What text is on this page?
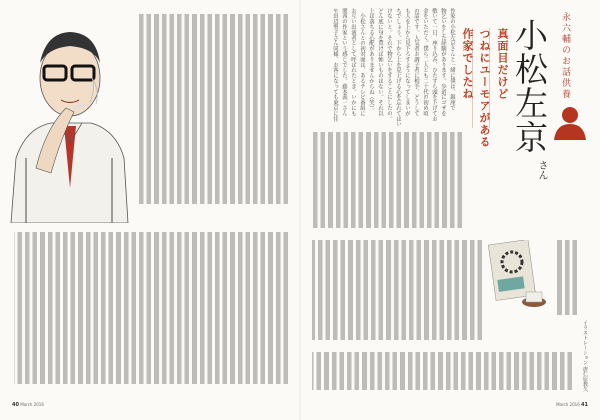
作家の小松左京さんと一緒に僕は、銀座で
物乞いをした経験があります。歩道にゴザを
敷いて一日、座り込み、ひたすら頭を下げてお
金をいただく。僕ら二人とも二十代の初め頃
の話です。人気者お調子者に相手、どうして
も人を上から見下ろすようになってしまいが
ちでしょう。下から上を見上げる心を忘れてはい
けないと。それで物乞いをすることにしたの。
どん底に身を置けば怖いものはない。それ以
上は落ちる心配がありませんからね（笑）。
　小松さんとの初対面は、あるテレビ番組に
お互い出演者として呼ばれたとき。いかにも
関西の作家という感じでした。藤本義一さん
や田辺聖子さん同様、お客になっても東京に住	真面目だけど
つねにユーモアがある
作家でしたね 小松左京
さん
永六輔のお話供養
イラストレーション 唐仁原教久
40 March 2016	March 2016 41
